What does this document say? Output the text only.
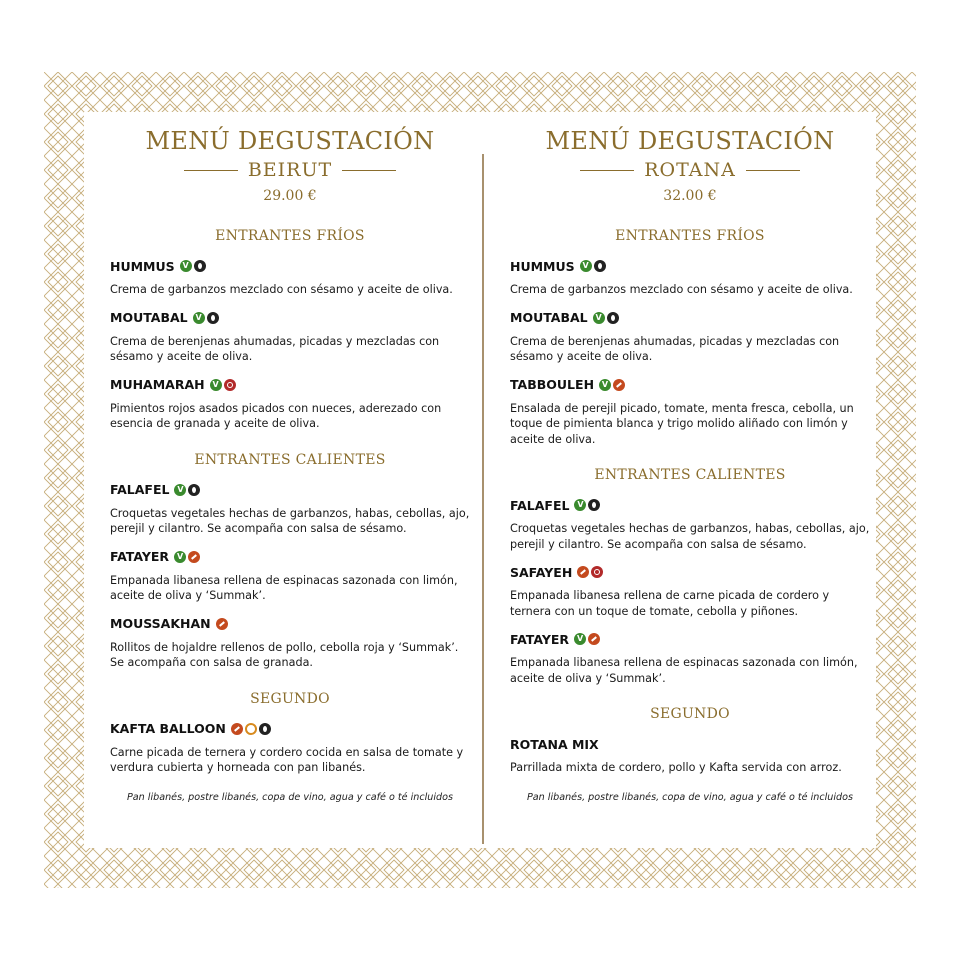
MENÚ DEGUSTACIÓN
BEIRUT
29.00 €
ENTRANTES FRÍOS
HUMMUS
V
Crema de garbanzos mezclado con sésamo y aceite de oliva.
MOUTABAL
V
Crema de berenjenas ahumadas, picadas y mezcladas con sésamo y aceite de oliva.
MUHAMARAH
V
Pimientos rojos asados picados con nueces, aderezado con esencia de granada y aceite de oliva.
ENTRANTES CALIENTES
FALAFEL
V
Croquetas vegetales hechas de garbanzos, habas, cebollas, ajo, perejil y cilantro. Se acompaña con salsa de sésamo.
FATAYER
V
Empanada libanesa rellena de espinacas sazonada con limón, aceite de oliva y ‘Summak’.
MOUSSAKHAN
Rollitos de hojaldre rellenos de pollo, cebolla roja y ‘Summak’. Se acompaña con salsa de granada.
SEGUNDO
KAFTA BALLOON
Carne picada de ternera y cordero cocida en salsa de tomate y verdura cubierta y horneada con pan libanés.
Pan libanés, postre libanés, copa de vino, agua y café o té incluidos
MENÚ DEGUSTACIÓN
ROTANA
32.00 €
ENTRANTES FRÍOS
HUMMUS
V
Crema de garbanzos mezclado con sésamo y aceite de oliva.
MOUTABAL
V
Crema de berenjenas ahumadas, picadas y mezcladas con sésamo y aceite de oliva.
TABBOULEH
V
Ensalada de perejil picado, tomate, menta fresca, cebolla, un toque de pimienta blanca y trigo molido aliñado con limón y aceite de oliva.
ENTRANTES CALIENTES
FALAFEL
V
Croquetas vegetales hechas de garbanzos, habas, cebollas, ajo, perejil y cilantro. Se acompaña con salsa de sésamo.
SAFAYEH
Empanada libanesa rellena de carne picada de cordero y ternera con un toque de tomate, cebolla y piñones.
FATAYER
V
Empanada libanesa rellena de espinacas sazonada con limón, aceite de oliva y ‘Summak’.
SEGUNDO
ROTANA MIX
Parrillada mixta de cordero, pollo y Kafta servida con arroz.
Pan libanés, postre libanés, copa de vino, agua y café o té incluidos
